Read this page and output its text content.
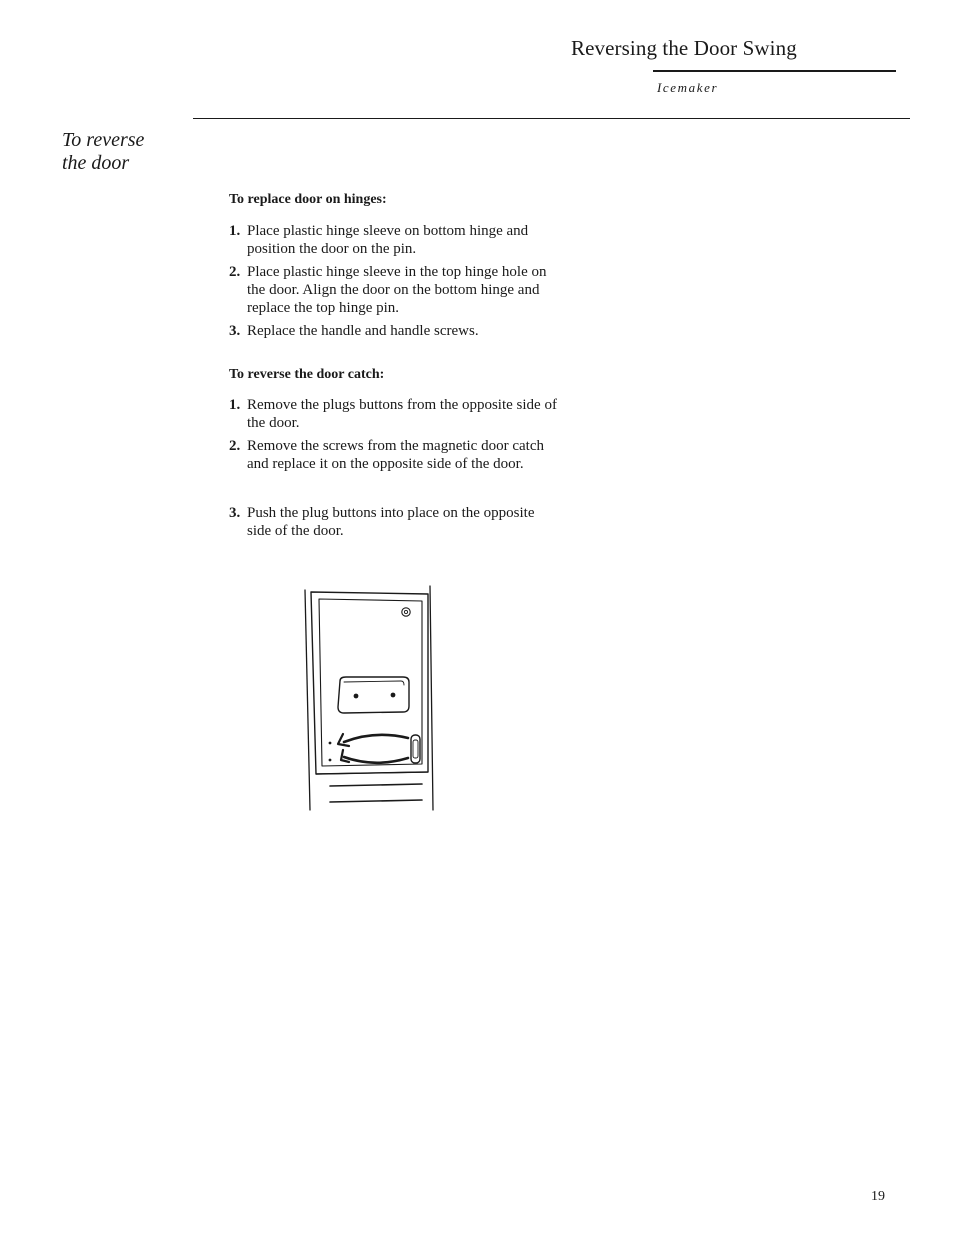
Reversing the Door Swing
Icemaker
To reverse
the door
To replace door on hinges:
1. Place plastic hinge sleeve on bottom hinge and position the door on the pin.
2. Place plastic hinge sleeve in the top hinge hole on the door. Align the door on the bottom hinge and replace the top hinge pin.
3. Replace the handle and handle screws.
To reverse the door catch:
1. Remove the plugs buttons from the opposite side of the door.
2. Remove the screws from the magnetic door catch and replace it on the opposite side of the door.
3. Push the plug buttons into place on the opposite side of the door.
19
